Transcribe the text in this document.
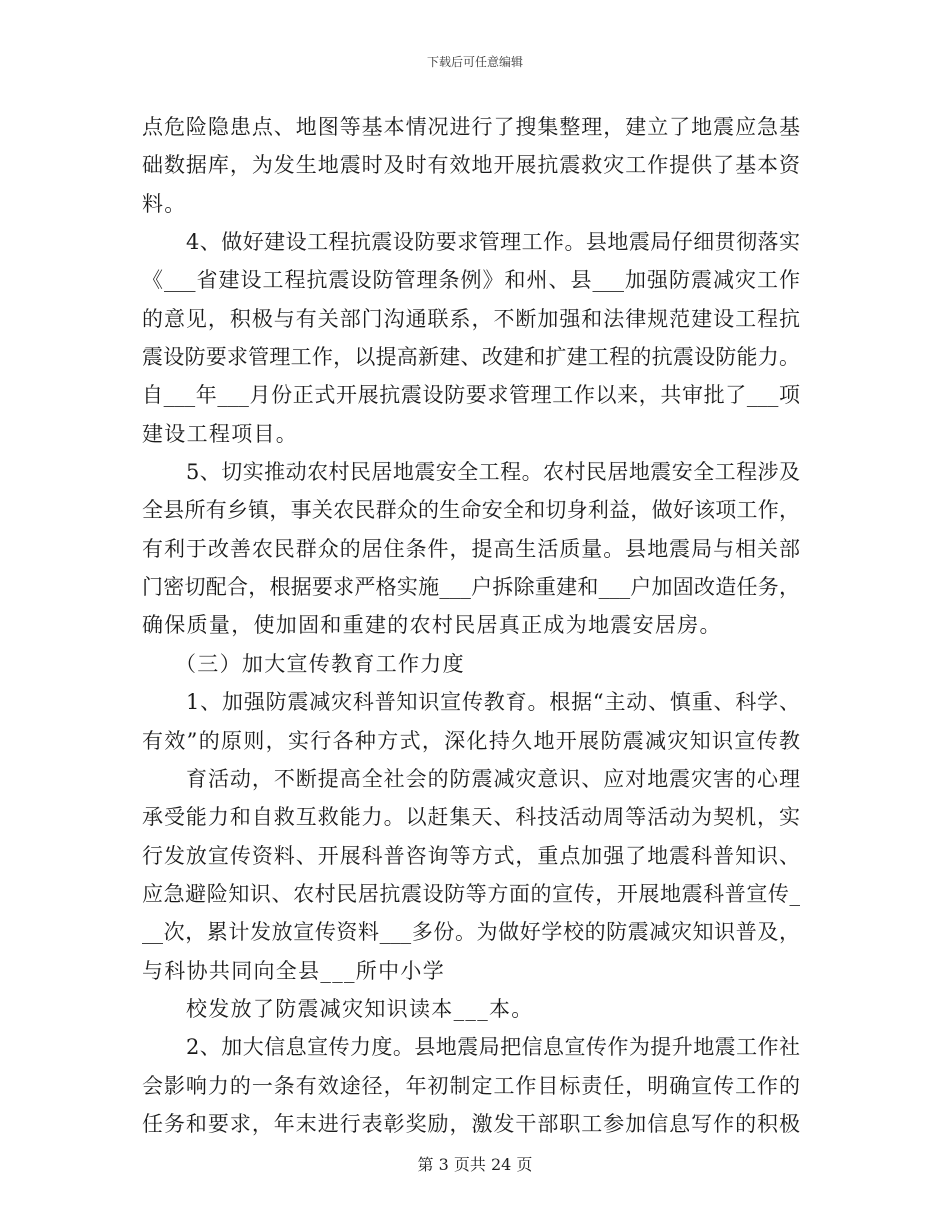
下载后可任意编辑
点危险隐患点、地图等基本情况进行了搜集整理，建立了地震应急基
础数据库，为发生地震时及时有效地开展抗震救灾工作提供了基本资
料。
4、做好建设工程抗震设防要求管理工作。县地震局仔细贯彻落实
《___省建设工程抗震设防管理条例》和州、县___加强防震减灾工作
的意见，积极与有关部门沟通联系，不断加强和法律规范建设工程抗
震设防要求管理工作，以提高新建、改建和扩建工程的抗震设防能力。
自___年___月份正式开展抗震设防要求管理工作以来，共审批了___项
建设工程项目。
5、切实推动农村民居地震安全工程。农村民居地震安全工程涉及
全县所有乡镇，事关农民群众的生命安全和切身利益，做好该项工作，
有利于改善农民群众的居住条件，提高生活质量。县地震局与相关部
门密切配合，根据要求严格实施___户拆除重建和___户加固改造任务，
确保质量，使加固和重建的农村民居真正成为地震安居房。
（三）加大宣传教育工作力度
1、加强防震减灾科普知识宣传教育。根据“主动、慎重、科学、
有效”的原则，实行各种方式，深化持久地开展防震减灾知识宣传教
育活动，不断提高全社会的防震减灾意识、应对地震灾害的心理
承受能力和自救互救能力。以赶集天、科技活动周等活动为契机，实
行发放宣传资料、开展科普咨询等方式，重点加强了地震科普知识、
应急避险知识、农村民居抗震设防等方面的宣传，开展地震科普宣传_
__次，累计发放宣传资料___多份。为做好学校的防震减灾知识普及，
与科协共同向全县___所中小学
校发放了防震减灾知识读本___本。
2、加大信息宣传力度。县地震局把信息宣传作为提升地震工作社
会影响力的一条有效途径，年初制定工作目标责任，明确宣传工作的
任务和要求，年末进行表彰奖励，激发干部职工参加信息写作的积极
第 3 页共 24 页
